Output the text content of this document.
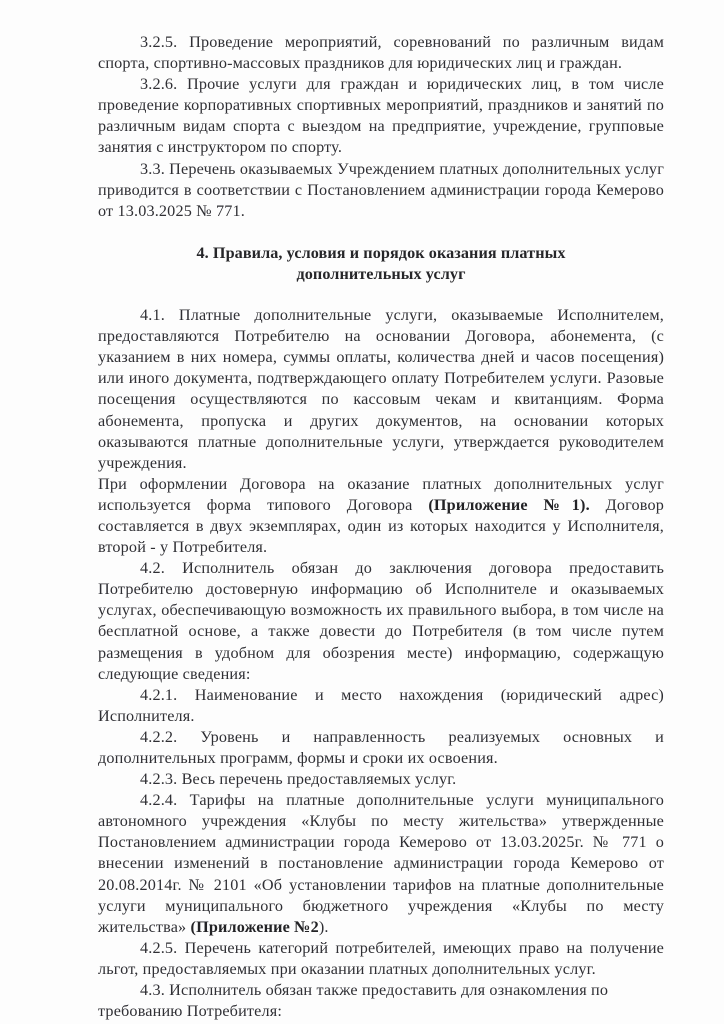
3.2.5. Проведение мероприятий, соревнований по различным видам спорта, спортивно-массовых праздников для юридических лиц и граждан.

3.2.6. Прочие услуги для граждан и юридических лиц, в том числе проведение корпоративных спортивных мероприятий, праздников и занятий по различным видам спорта с выездом на предприятие, учреждение, групповые занятия с инструктором по спорту.

3.3. Перечень оказываемых Учреждением платных дополнительных услуг приводится в соответствии с Постановлением администрации города Кемерово от 13.03.2025 № 771.

4. Правила, условия и порядок оказания платных
дополнительных услуг

4.1. Платные дополнительные услуги, оказываемые Исполнителем, предоставляются Потребителю на основании Договора, абонемента, (с указанием в них номера, суммы оплаты, количества дней и часов посещения) или иного документа, подтверждающего оплату Потребителем услуги. Разовые посещения осуществляются по кассовым чекам и квитанциям. Форма абонемента, пропуска и других документов, на основании которых оказываются платные дополнительные услуги, утверждается руководителем учреждения.

При оформлении Договора на оказание платных дополнительных услуг используется форма типового Договора (Приложение №1). Договор составляется в двух экземплярах, один из которых находится у Исполнителя, второй - у Потребителя.

4.2. Исполнитель обязан до заключения договора предоставить Потребителю достоверную информацию об Исполнителе и оказываемых услугах, обеспечивающую возможность их правильного выбора, в том числе на бесплатной основе, а также довести до Потребителя (в том числе путем размещения в удобном для обозрения месте) информацию, содержащую следующие сведения:

4.2.1. Наименование и место нахождения (юридический адрес) Исполнителя.

4.2.2. Уровень и направленность реализуемых основных и дополнительных программ, формы и сроки их освоения.

4.2.3. Весь перечень предоставляемых услуг.

4.2.4. Тарифы на платные дополнительные услуги муниципального автономного учреждения «Клубы по месту жительства» утвержденные Постановлением администрации города Кемерово от 13.03.2025г. № 771 о внесении изменений в постановление администрации города Кемерово от 20.08.2014г. № 2101 «Об установлении тарифов на платные дополнительные услуги муниципального бюджетного учреждения «Клубы по месту жительства» (Приложение №2).

4.2.5. Перечень категорий потребителей, имеющих право на получение льгот, предоставляемых при оказании платных дополнительных услуг.

4.3. Исполнитель обязан также предоставить для ознакомления по требованию Потребителя:
